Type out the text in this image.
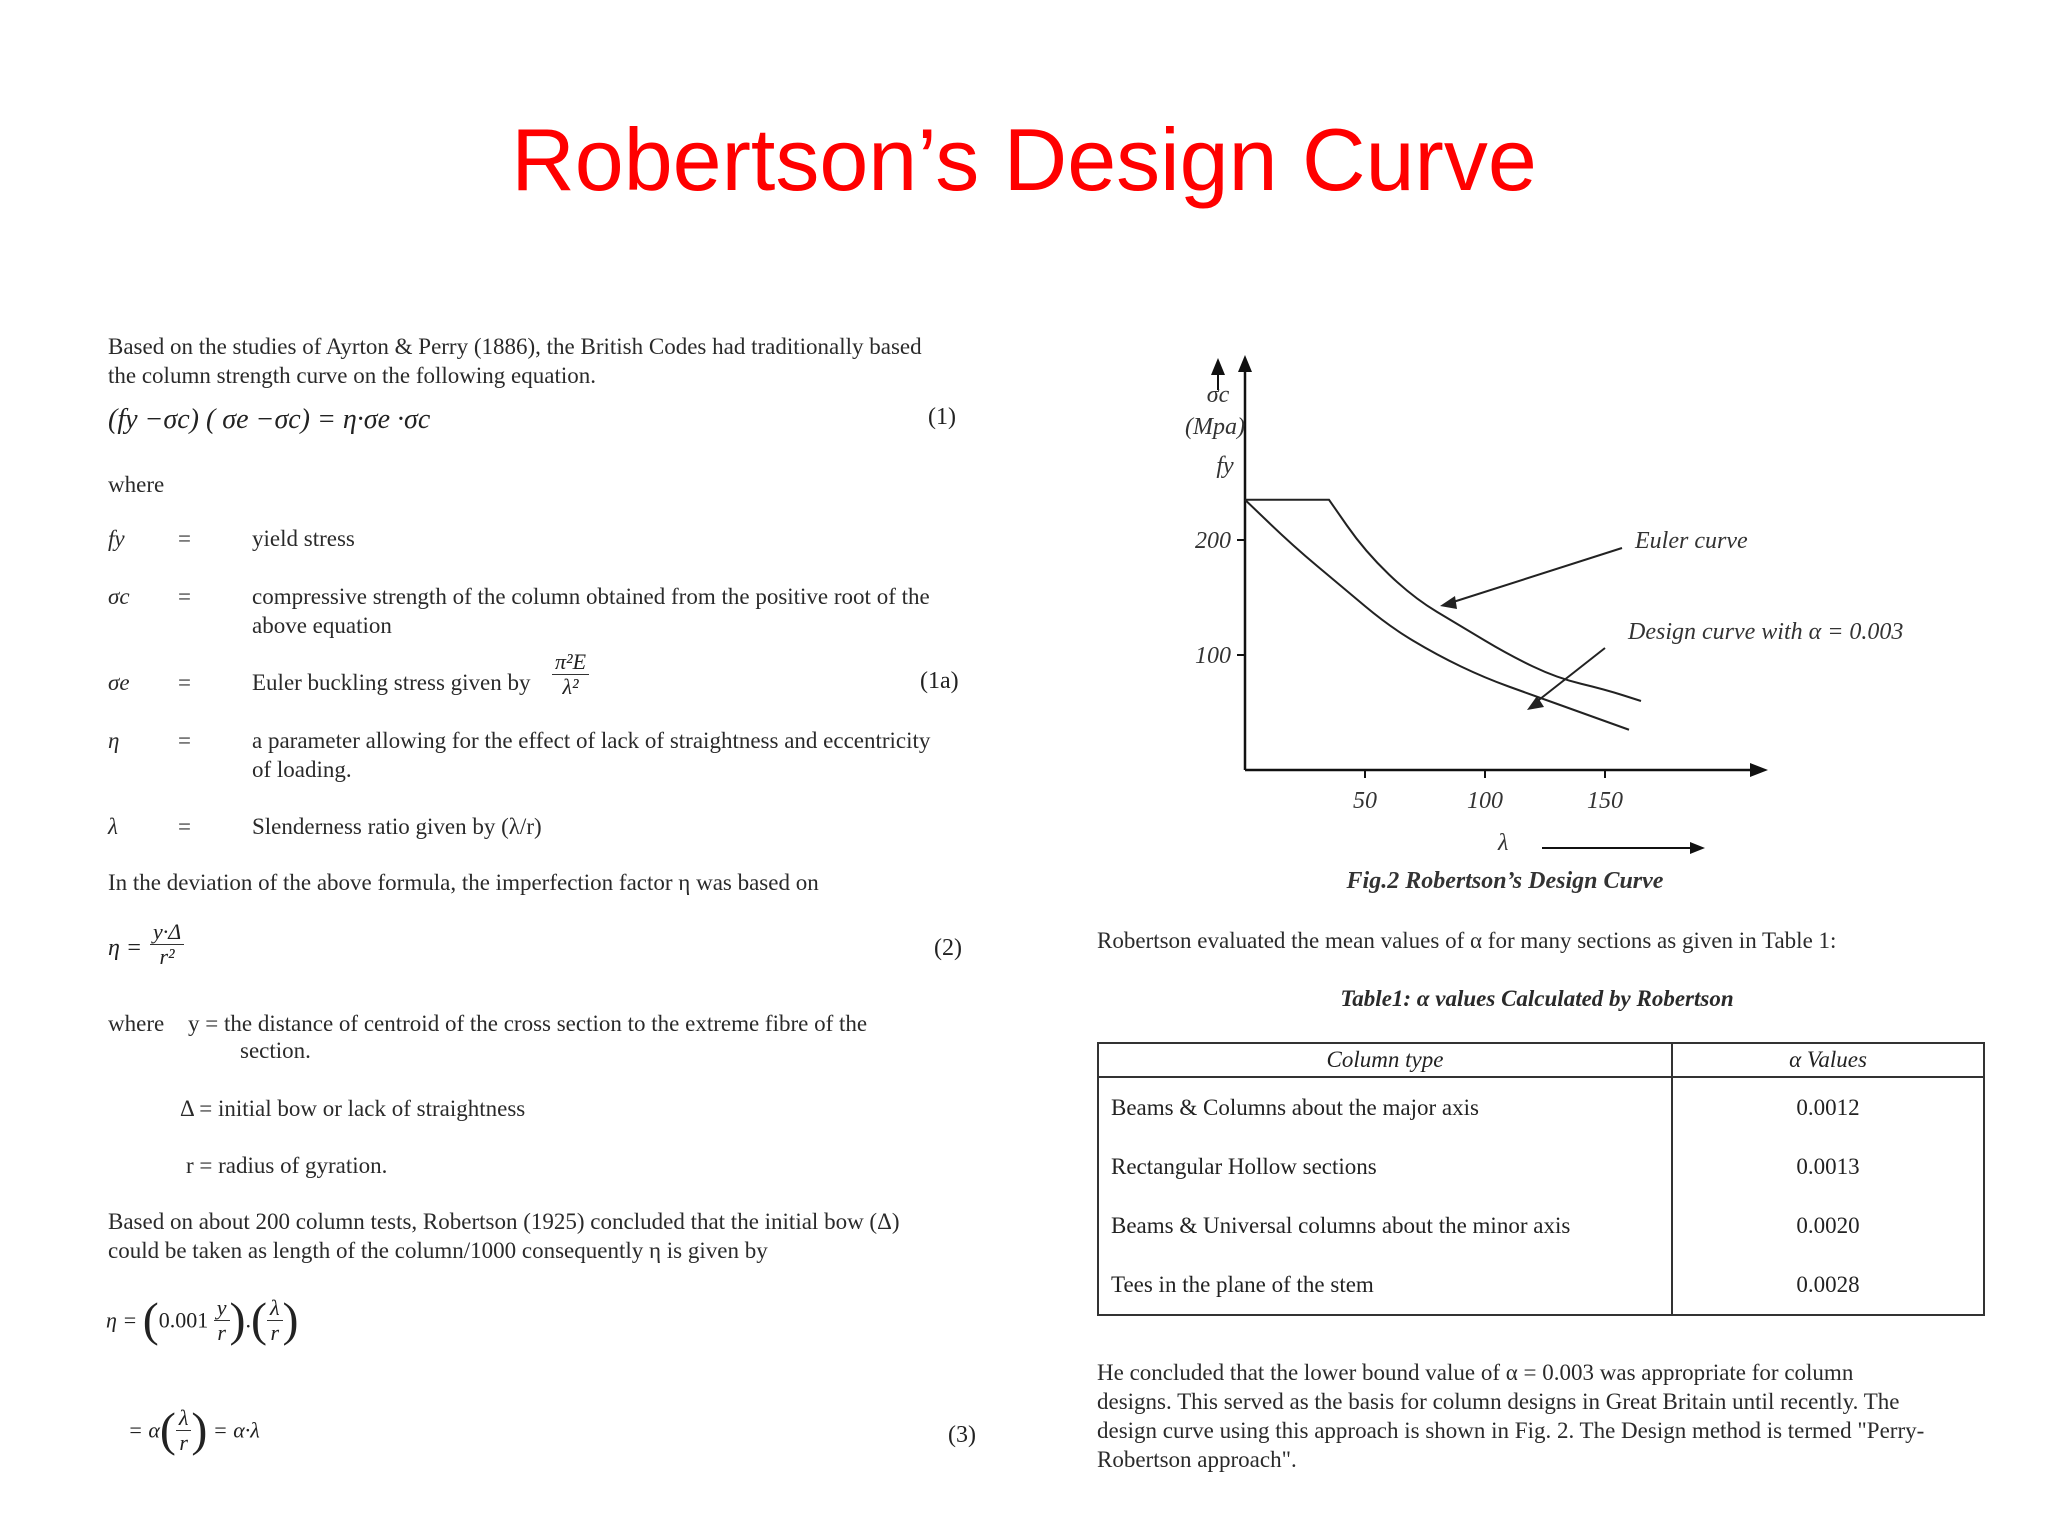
Robertson’s Design Curve
Based on the studies of Ayrton & Perry (1886), the British Codes had traditionally based
the column strength curve on the following equation.
(fy −σc) ( σe −σc) = η·σe ·σc	(1)
where
fy =	yield stress
σc =	compressive strength of the column obtained from the positive root of the
above equation
σe =	Euler buckling stress given by $\frac{\text{π²E}}{\text{λ²}}$	(1a)
η	=	a parameter allowing for the effect of lack of straightness and eccentricity
of loading.
λ	=	Slenderness ratio given by (λ/r)
In the deviation of the above formula, the imperfection factor η was based on
$\eta = \frac{y\cdot\Delta}{\text{r²}}$	(2)
where y = the distance of centroid of the cross section to the extreme fibre of the
section.
Δ = initial bow or lack of straightness
r = radius of gyration.
Based on about 200 column tests, Robertson (1925) concluded that the initial bow (Δ)
could be taken as length of the column/1000 consequently η is given by
$\eta = (0.001 \frac{y}{r}$ ).( $\frac{\lambda}{r}$ )
= $\alpha( \frac{\lambda}{r}$ ) = α·λ	(3)
σc
(Mpa)
fy
50	100	150
100
200	Euler curve
Design curve with α = 0.003
λ
Fig.2 Robertson’s Design Curve
Robertson evaluated the mean values of α for many sections as given in Table 1:
Table1: α values Calculated by Robertson
Column type	α Values
Beams & Columns about the major axis	0.0012
Rectangular Hollow sections	0.0013
Beams & Universal columns about the minor axis	0.0020
Tees in the plane of the stem	0.0028
He concluded that the lower bound value of α = 0.003 was appropriate for column
designs. This served as the basis for column designs in Great Britain until recently. The
design curve using this approach is shown in Fig. 2. The Design method is termed "Perry-
Robertson approach".
